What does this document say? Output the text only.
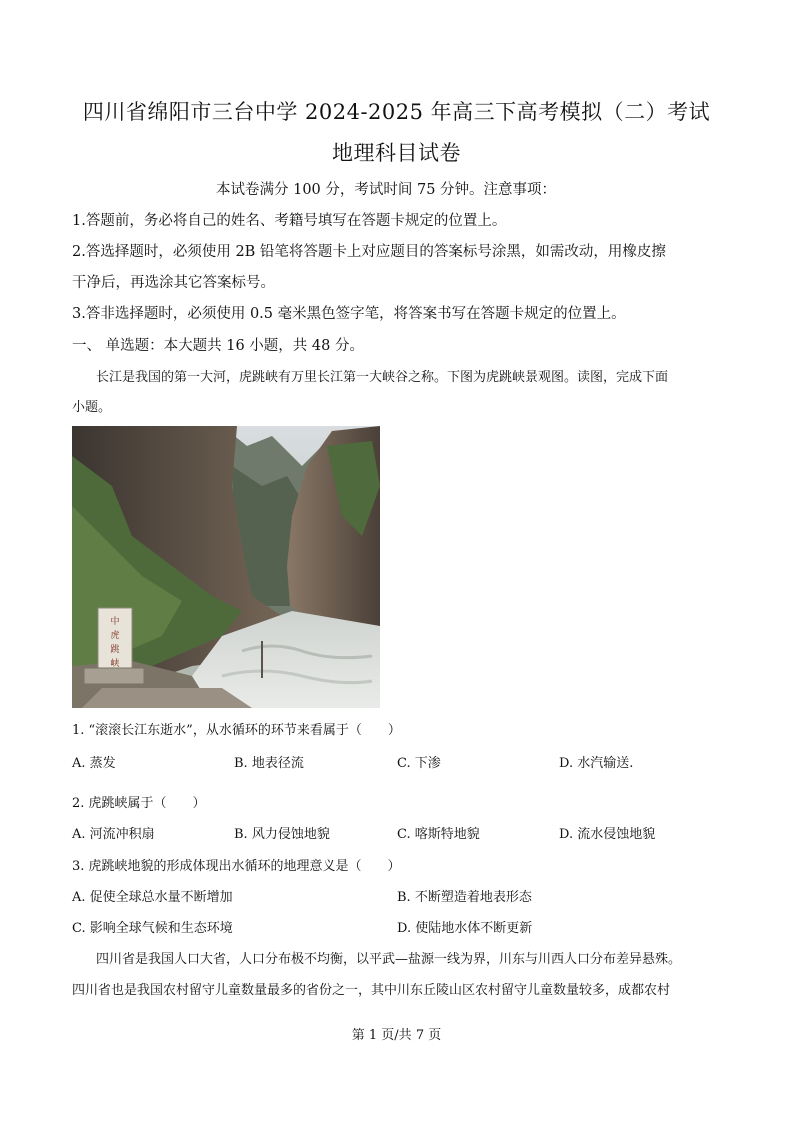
四川省绵阳市三台中学 2024-2025 年高三下高考模拟（二）考试
地理科目试卷
本试卷满分 100 分，考试时间 75 分钟。注意事项：
1.答题前，务必将自己的姓名、考籍号填写在答题卡规定的位置上。
2.答选择题时，必须使用 2B 铅笔将答题卡上对应题目的答案标号涂黑，如需改动，用橡皮擦
干净后，再选涂其它答案标号。
3.答非选择题时，必须使用 0.5 毫米黑色签字笔，将答案书写在答题卡规定的位置上。
一、 单选题：本大题共 16 小题，共 48 分。
长江是我国的第一大河，虎跳峡有万里长江第一大峡谷之称。下图为虎跳峡景观图。读图，完成下面
小题。
中
虎
跳
峡
1. “滚滚长江东逝水”，从水循环的环节来看属于（　　）
A. 蒸发	B. 地表径流	C. 下渗	D. 水汽输送.
2. 虎跳峡属于（　　）
A. 河流冲积扇	B. 风力侵蚀地貌	C. 喀斯特地貌	D. 流水侵蚀地貌
3. 虎跳峡地貌的形成体现出水循环的地理意义是（　　）
A. 促使全球总水量不断增加	B. 不断塑造着地表形态
C. 影响全球气候和生态环境	D. 使陆地水体不断更新
四川省是我国人口大省，人口分布极不均衡，以平武—盐源一线为界，川东与川西人口分布差异悬殊。
四川省也是我国农村留守儿童数量最多的省份之一，其中川东丘陵山区农村留守儿童数量较多，成都农村
第 1 页/共 7 页
